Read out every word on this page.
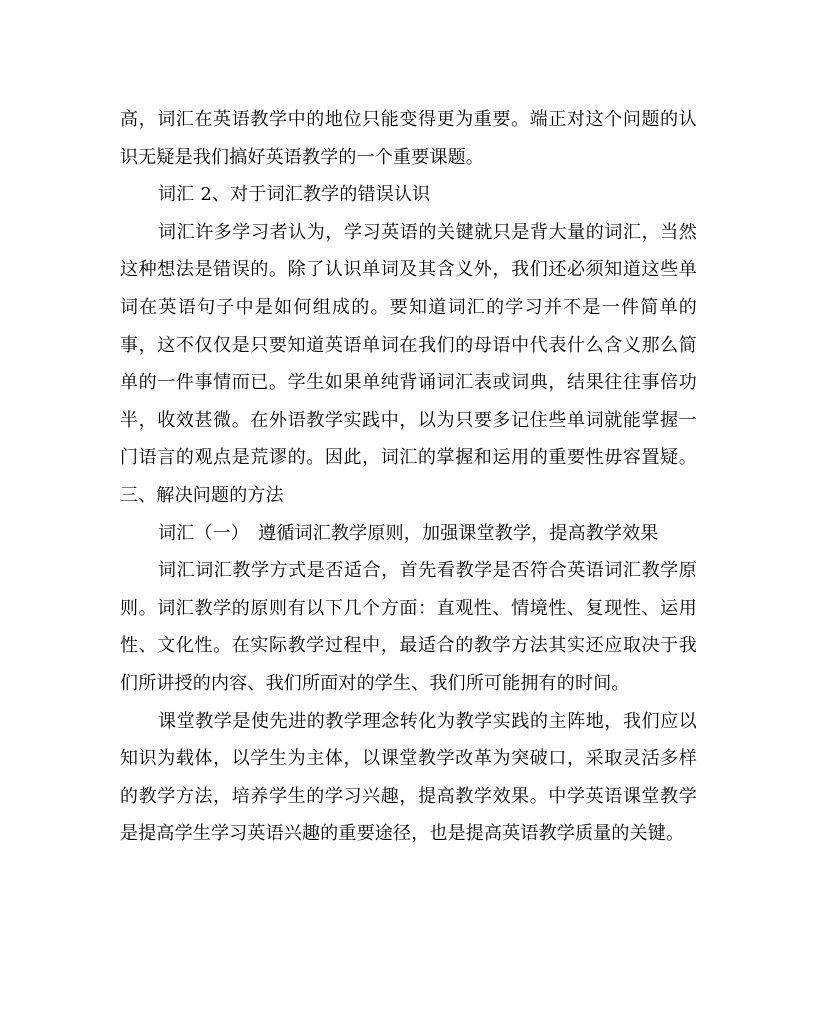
高，词汇在英语教学中的地位只能变得更为重要。端正对这个问题的认识无疑是我们搞好英语教学的一个重要课题。

词汇 2、对于词汇教学的错误认识

词汇许多学习者认为，学习英语的关键就只是背大量的词汇，当然这种想法是错误的。除了认识单词及其含义外，我们还必须知道这些单词在英语句子中是如何组成的。要知道词汇的学习并不是一件简单的事，这不仅仅是只要知道英语单词在我们的母语中代表什么含义那么简单的一件事情而已。学生如果单纯背诵词汇表或词典，结果往往事倍功半，收效甚微。在外语教学实践中，以为只要多记住些单词就能掌握一门语言的观点是荒谬的。因此，词汇的掌握和运用的重要性毋容置疑。三、解决问题的方法

词汇（一）　遵循词汇教学原则，加强课堂教学，提高教学效果

词汇词汇教学方式是否适合，首先看教学是否符合英语词汇教学原则。词汇教学的原则有以下几个方面：直观性、情境性、复现性、运用性、文化性。在实际教学过程中，最适合的教学方法其实还应取决于我们所讲授的内容、我们所面对的学生、我们所可能拥有的时间。

课堂教学是使先进的教学理念转化为教学实践的主阵地，我们应以知识为载体，以学生为主体，以课堂教学改革为突破口，采取灵活多样的教学方法，培养学生的学习兴趣，提高教学效果。中学英语课堂教学是提高学生学习英语兴趣的重要途径，也是提高英语教学质量的关键。
